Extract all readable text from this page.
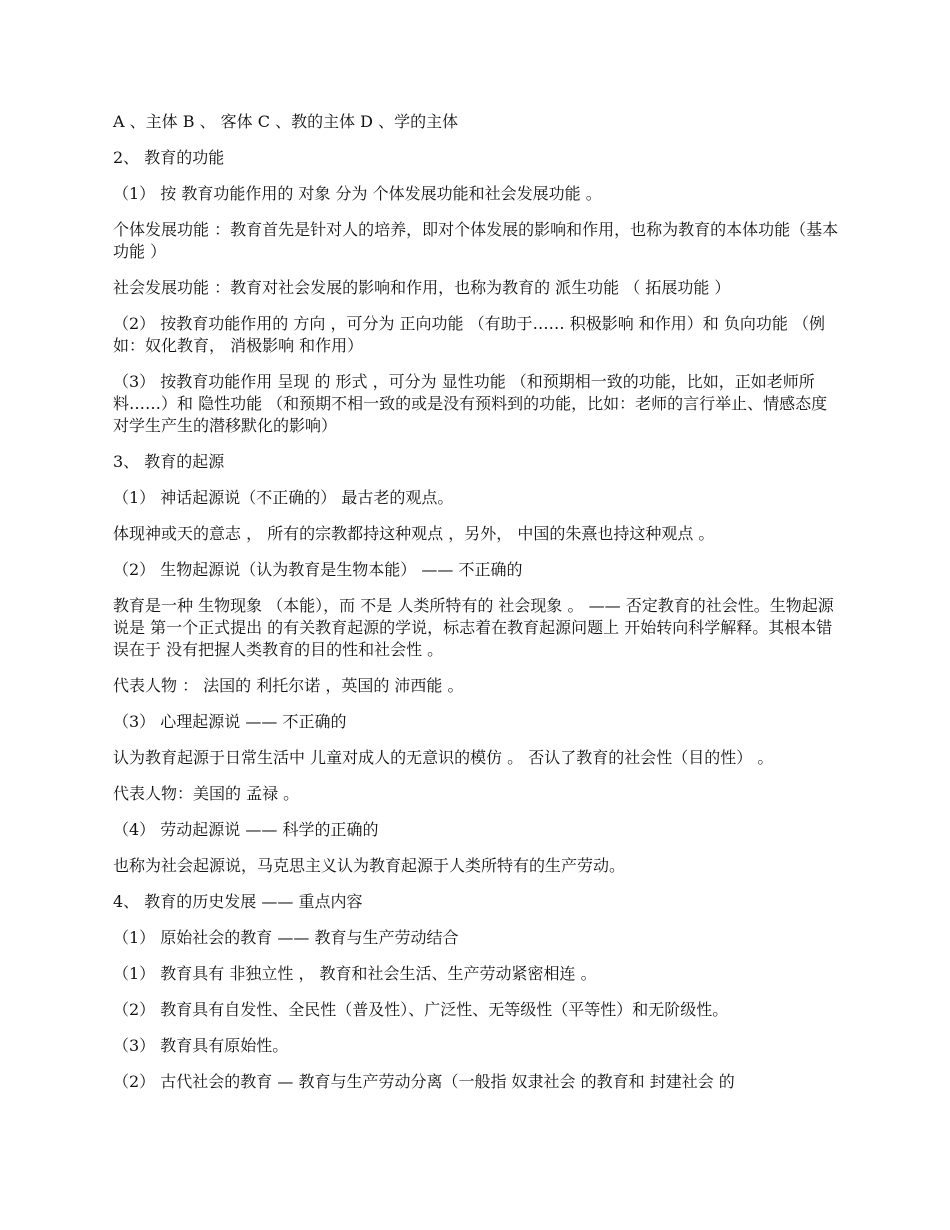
A 、主体 B 、 客体 C 、教的主体 D 、学的主体

2、 教育的功能

（1） 按 教育功能作用的 对象 分为 个体发展功能和社会发展功能 。

个体发展功能 ：教育首先是针对人的培养，即对个体发展的影响和作用，也称为教育的本体功能（基本功能 ）

社会发展功能 ：教育对社会发展的影响和作用，也称为教育的 派生功能 （ 拓展功能 ）

（2） 按教育功能作用的 方向 ，可分为 正向功能 （有助于…… 积极影响 和作用）和 负向功能 （例如：奴化教育， 消极影响 和作用）

（3） 按教育功能作用 呈现 的 形式 ，可分为 显性功能 （和预期相一致的功能，比如，正如老师所料……）和 隐性功能 （和预期不相一致的或是没有预料到的功能，比如：老师的言行举止、情感态度对学生产生的潜移默化的影响）

3、 教育的起源

（1） 神话起源说（不正确的） 最古老的观点。

体现神或天的意志 ， 所有的宗教都持这种观点 ，另外， 中国的朱熹也持这种观点 。

（2） 生物起源说（认为教育是生物本能） —— 不正确的

教育是一种 生物现象 （本能），而 不是 人类所特有的 社会现象 。 —— 否定教育的社会性。生物起源说是 第一个正式提出 的有关教育起源的学说，标志着在教育起源问题上 开始转向科学解释。其根本错误在于 没有把握人类教育的目的性和社会性 。

代表人物 ： 法国的 利托尔诺 ，英国的 沛西能 。

（3） 心理起源说 —— 不正确的

认为教育起源于日常生活中 儿童对成人的无意识的模仿 。 否认了教育的社会性（目的性） 。

代表人物：美国的 孟禄 。

（4） 劳动起源说 —— 科学的正确的

也称为社会起源说，马克思主义认为教育起源于人类所特有的生产劳动。

4、 教育的历史发展 —— 重点内容

（1） 原始社会的教育 —— 教育与生产劳动结合

（1） 教育具有 非独立性 ， 教育和社会生活、生产劳动紧密相连 。

（2） 教育具有自发性、全民性（普及性）、广泛性、无等级性（平等性）和无阶级性。

（3） 教育具有原始性。

（2） 古代社会的教育 — 教育与生产劳动分离（一般指 奴隶社会 的教育和 封建社会 的
